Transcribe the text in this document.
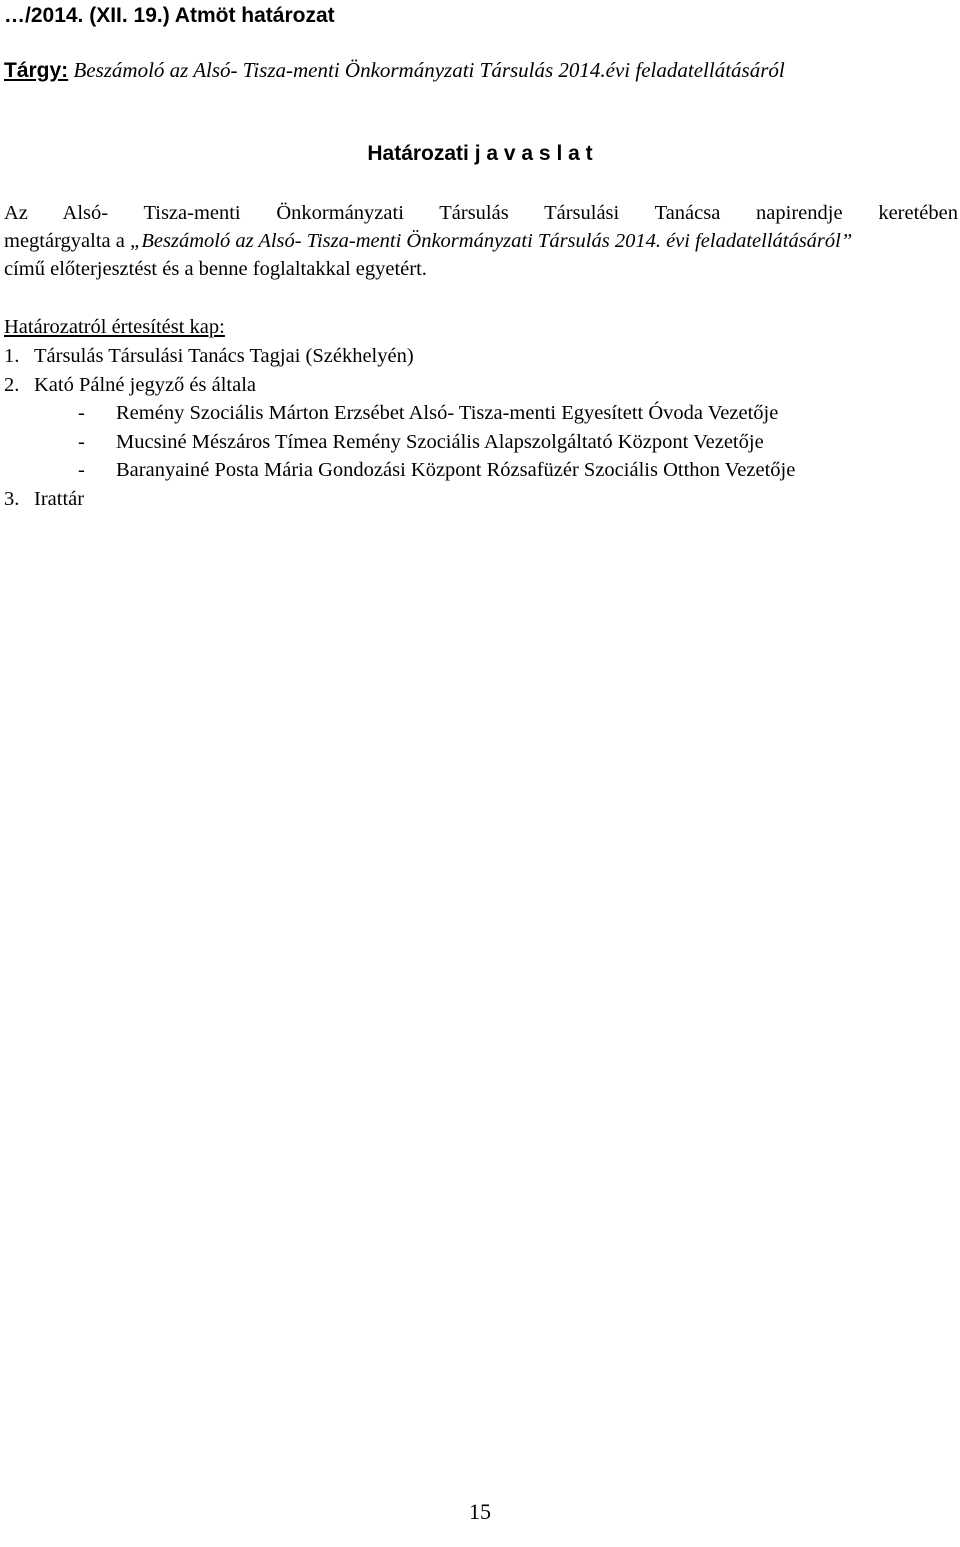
…/2014. (XII. 19.) Atmöt határozat
Tárgy: Beszámoló az Alsó- Tisza-menti Önkormányzati Társulás 2014.évi feladatellátásáról
Határozati j a v a s l a t
Az Alsó- Tisza-menti Önkormányzati Társulás Társulási Tanácsa napirendje keretében
megtárgyalta a „Beszámoló az Alsó- Tisza-menti Önkormányzati Társulás 2014. évi feladatellátásáról”
című előterjesztést és a benne foglaltakkal egyetért.
Határozatról értesítést kap:
1. Társulás Társulási Tanács Tagjai (Székhelyén)
2. Kató Pálné jegyző és általa
- Remény Szociális Márton Erzsébet Alsó- Tisza-menti Egyesített Óvoda Vezetője
- Mucsiné Mészáros Tímea Remény Szociális Alapszolgáltató Központ Vezetője
- Baranyainé Posta Mária Gondozási Központ Rózsafüzér Szociális Otthon Vezetője
3. Irattár
15
